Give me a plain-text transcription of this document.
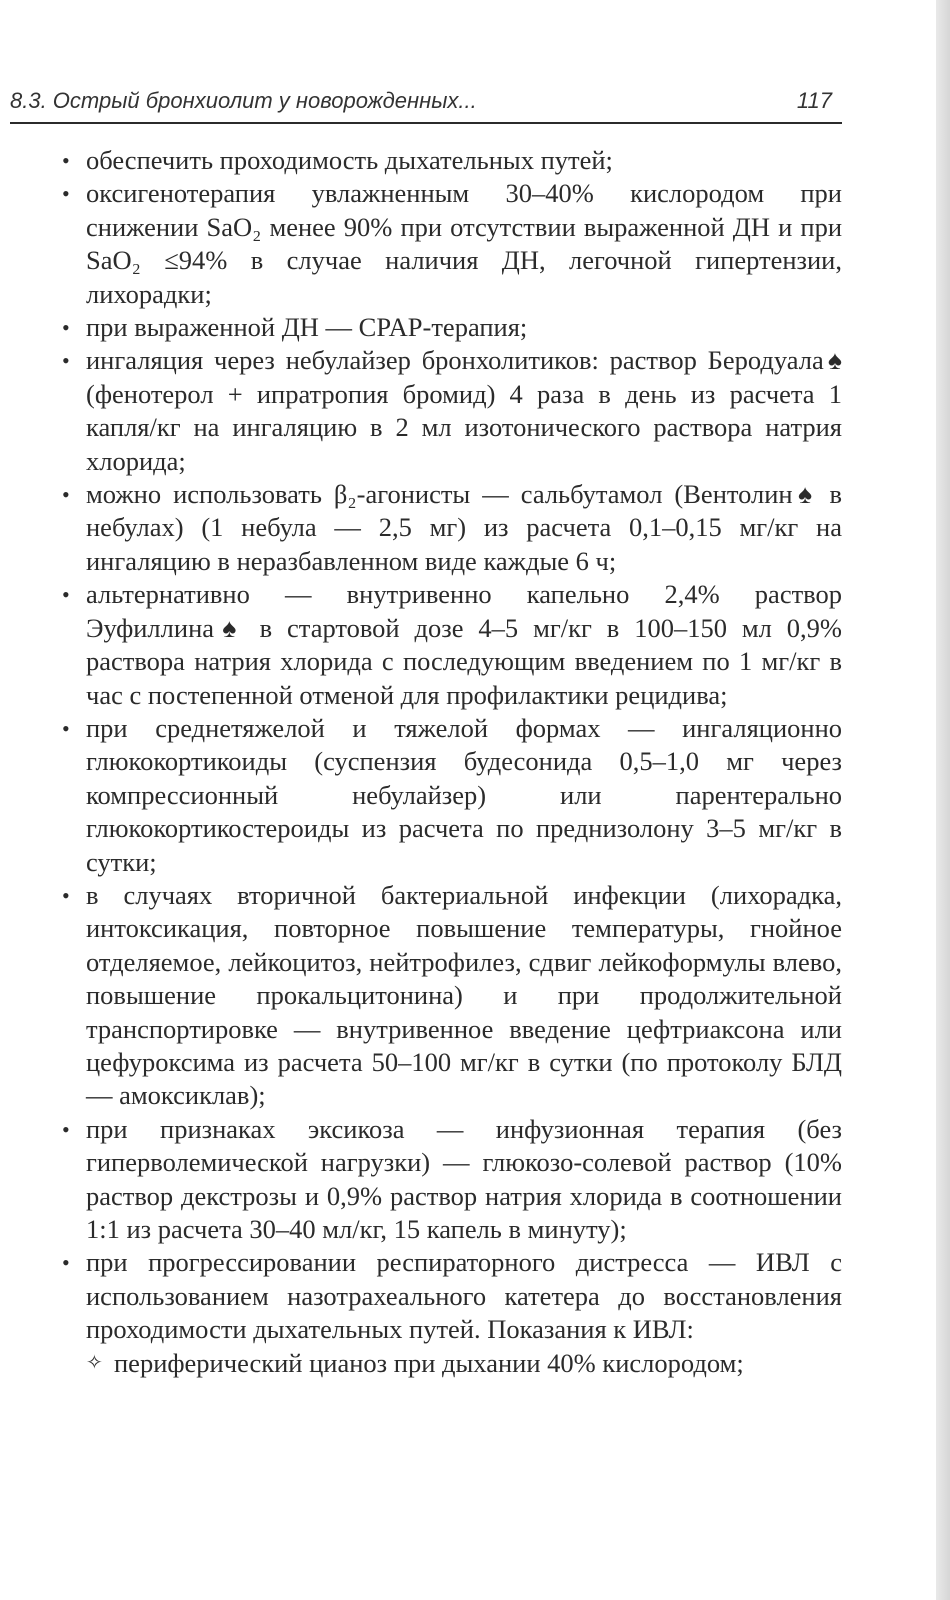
8.3. Острый бронхиолит у новорожденных...	117
• обеспечить проходимость дыхательных путей;
• оксигенотерапия увлажненным 30–40% кислородом при снижении SaO₂ менее 90% при отсутствии выраженной ДН и при SaO₂ ≤94% в случае наличия ДН, легочной гипертензии, лихорадки;
• при выраженной ДН — CPAP-терапия;
• ингаляция через небулайзер бронхолитиков: раствор Беродуала♠ (фенотерол + ипратропия бромид) 4 раза в день из расчета 1 капля/кг на ингаляцию в 2 мл изотонического раствора натрия хлорида;
• можно использовать β₂-агонисты — сальбутамол (Вентолин♠ в небулах) (1 небула — 2,5 мг) из расчета 0,1–0,15 мг/кг на ингаляцию в неразбавленном виде каждые 6 ч;
• альтернативно — внутривенно капельно 2,4% раствор Эуфиллина♠ в стартовой дозе 4–5 мг/кг в 100–150 мл 0,9% раствора натрия хлорида с последующим введением по 1 мг/кг в час с постепенной отменой для профилактики рецидива;
• при среднетяжелой и тяжелой формах — ингаляционно глюкокортикоиды (суспензия будесонида 0,5–1,0 мг через компрессионный небулайзер) или парентерально глюкокортикостероиды из расчета по преднизолону 3–5 мг/кг в сутки;
• в случаях вторичной бактериальной инфекции (лихорадка, интоксикация, повторное повышение температуры, гнойное отделяемое, лейкоцитоз, нейтрофилез, сдвиг лейкоформулы влево, повышение прокальцитонина) и при продолжительной транспортировке — внутривенное введение цефтриаксона или цефуроксима из расчета 50–100 мг/кг в сутки (по протоколу БЛД — амоксиклав);
• при признаках эксикоза — инфузионная терапия (без гиперволемической нагрузки) — глюкозо-солевой раствор (10% раствор декстрозы и 0,9% раствор натрия хлорида в соотношении 1:1 из расчета 30–40 мл/кг, 15 капель в минуту);
• при прогрессировании респираторного дистресса — ИВЛ с использованием назотрахеального катетера до восстановления проходимости дыхательных путей. Показания к ИВЛ:
✧ периферический цианоз при дыхании 40% кислородом;
